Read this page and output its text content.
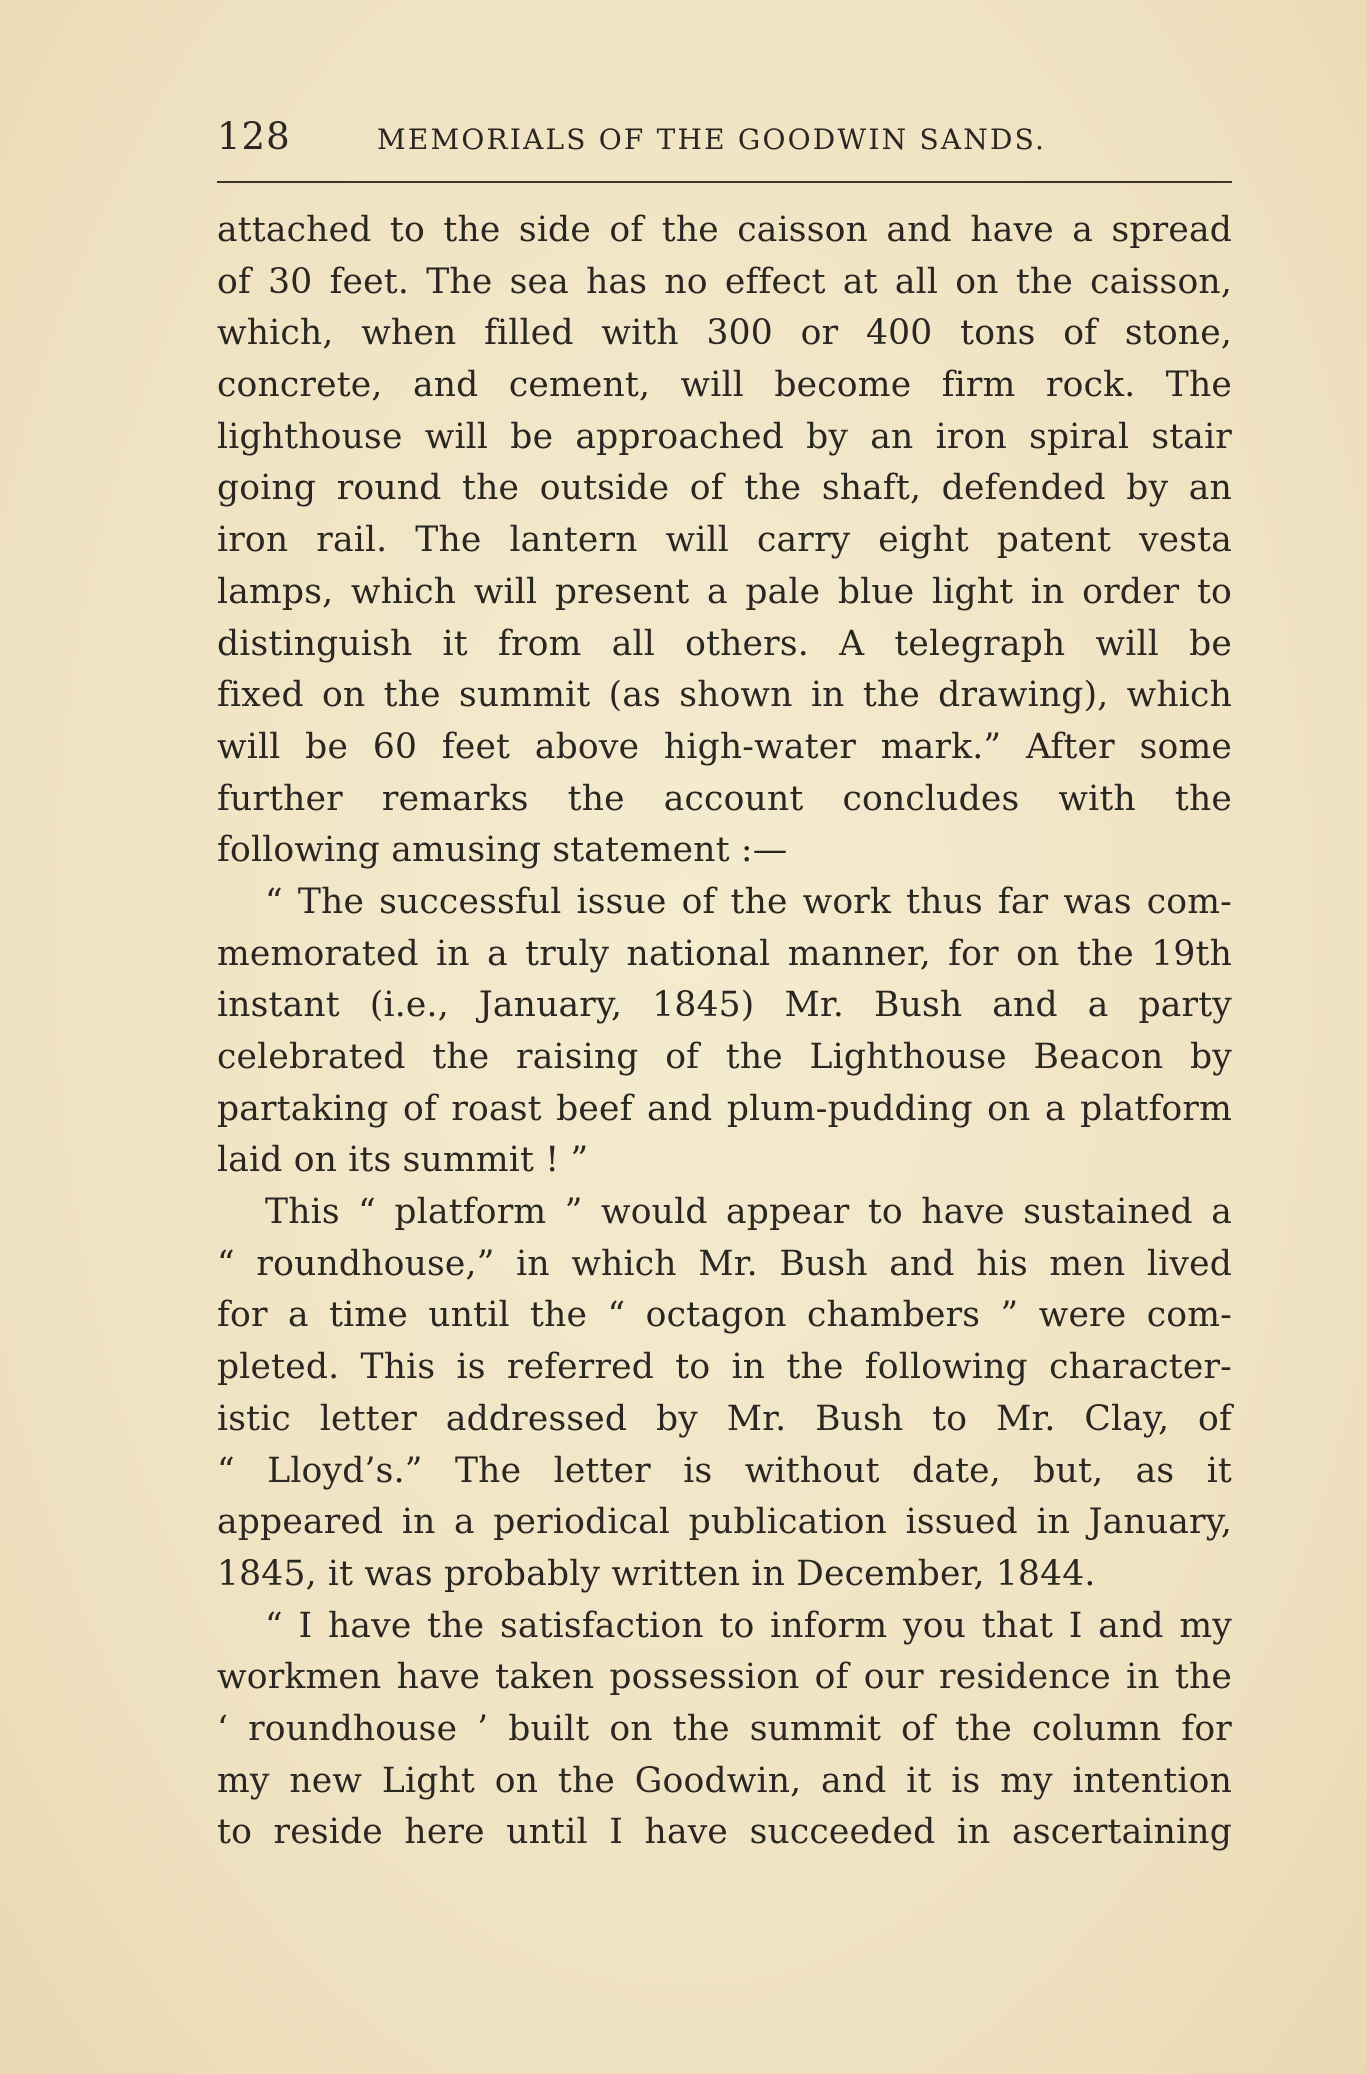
128	MEMORIALS OF THE GOODWIN SANDS.
attached to the side of the caisson and have a spread
of 30 feet. The sea has no effect at all on the caisson,
which, when filled with 300 or 400 tons of stone,
concrete, and cement, will become firm rock. The
lighthouse will be approached by an iron spiral stair
going round the outside of the shaft, defended by an
iron rail. The lantern will carry eight patent vesta
lamps, which will present a pale blue light in order to
distinguish it from all others. A telegraph will be
fixed on the summit (as shown in the drawing), which
will be 60 feet above high-water mark.” After some
further remarks the account concludes with the
following amusing statement :—
“ The successful issue of the work thus far was com-
memorated in a truly national manner, for on the 19th
instant (i.e., January, 1845) Mr. Bush and a party
celebrated the raising of the Lighthouse Beacon by
partaking of roast beef and plum-pudding on a platform
laid on its summit ! ”
This “ platform ” would appear to have sustained a
“ roundhouse,” in which Mr. Bush and his men lived
for a time until the “ octagon chambers ” were com-
pleted. This is referred to in the following character-
istic letter addressed by Mr. Bush to Mr. Clay, of
“ Lloyd’s.” The letter is without date, but, as it
appeared in a periodical publication issued in January,
1845, it was probably written in December, 1844.
“ I have the satisfaction to inform you that I and my
workmen have taken possession of our residence in the
‘ roundhouse ’ built on the summit of the column for
my new Light on the Goodwin, and it is my intention
to reside here until I have succeeded in ascertaining
